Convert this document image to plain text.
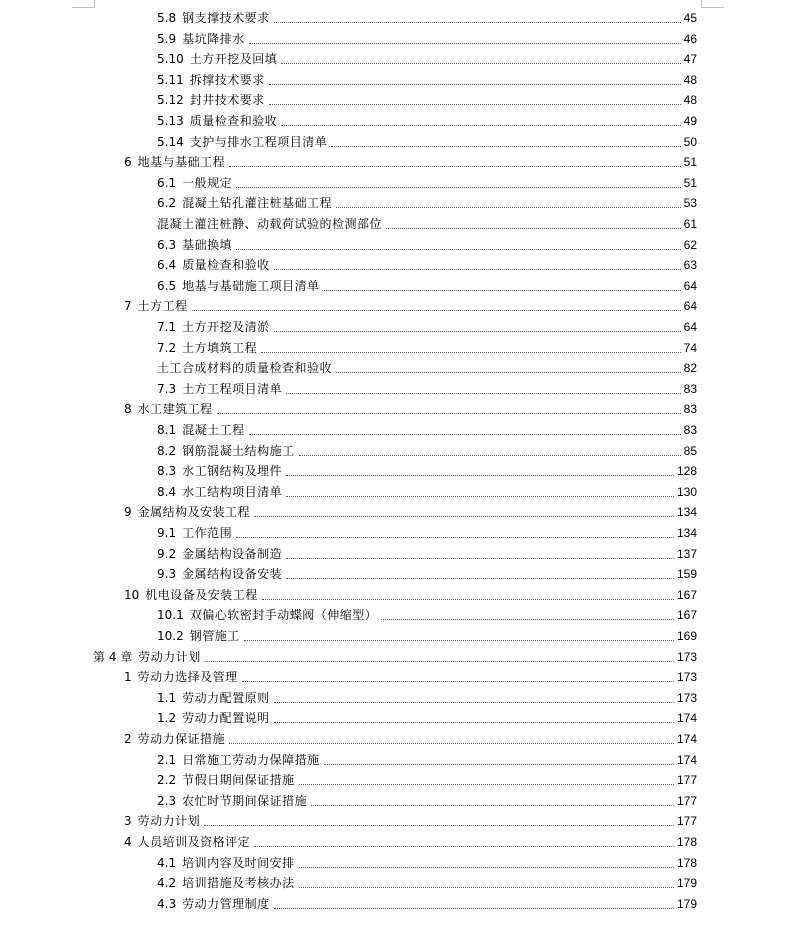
5.8 钢支撑技术要求	45
5.9 基坑降排水	46
5.10 土方开挖及回填	47
5.11 拆撑技术要求	48
5.12 封井技术要求	48
5.13 质量检查和验收	49
5.14 支护与排水工程项目清单	50
6 地基与基础工程	51
6.1 一般规定	51
6.2 混凝土钻孔灌注桩基础工程	53
混凝土灌注桩静、动载荷试验的检测部位	61
6.3 基础换填	62
6.4 质量检查和验收	63
6.5 地基与基础施工项目清单	64
7 土方工程	64
7.1 土方开挖及清淤	64
7.2 土方填筑工程	74
土工合成材料的质量检查和验收	82
7.3 土方工程项目清单	83
8 水工建筑工程	83
8.1 混凝土工程	83
8.2 钢筋混凝土结构施工	85
8.3 水工钢结构及埋件	128
8.4 水工结构项目清单	130
9 金属结构及安装工程	134
9.1 工作范围	134
9.2 金属结构设备制造	137
9.3 金属结构设备安装	159
10 机电设备及安装工程	167
10.1 双偏心软密封手动蝶阀（伸缩型）	167
10.2 钢管施工	169
第 4 章 劳动力计划	173
1 劳动力选择及管理	173
1.1 劳动力配置原则	173
1.2 劳动力配置说明	174
2 劳动力保证措施	174
2.1 日常施工劳动力保障措施	174
2.2 节假日期间保证措施	177
2.3 农忙时节期间保证措施	177
3 劳动力计划	177
4 人员培训及资格评定	178
4.1 培训内容及时间安排	178
4.2 培训措施及考核办法	179
4.3 劳动力管理制度	179
